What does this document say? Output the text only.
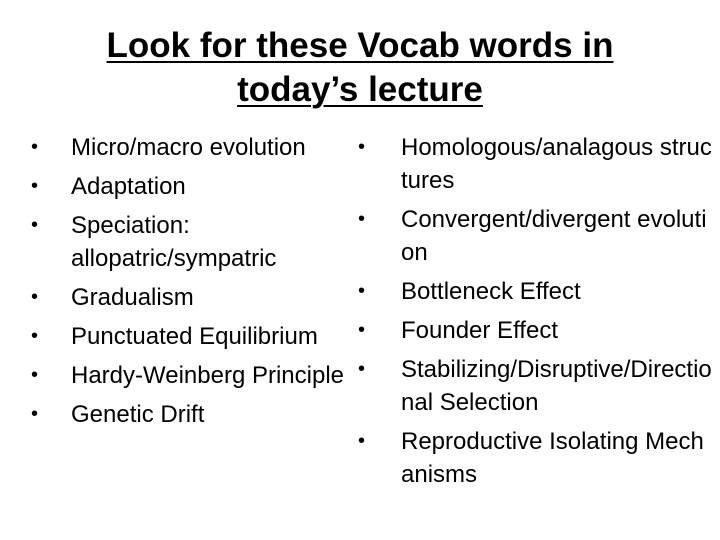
Look for these Vocab words in
today’s lecture
• Micro/macro evolution
• Adaptation
• Speciation: allopatric/sympatric
• Gradualism
• Punctuated Equilibrium
• Hardy-Weinberg Principle
• Genetic Drift
• Homologous/analagous structures
• Convergent/divergent evolution
• Bottleneck Effect
• Founder Effect
• Stabilizing/Disruptive/Directional Selection
• Reproductive Isolating Mechanisms
